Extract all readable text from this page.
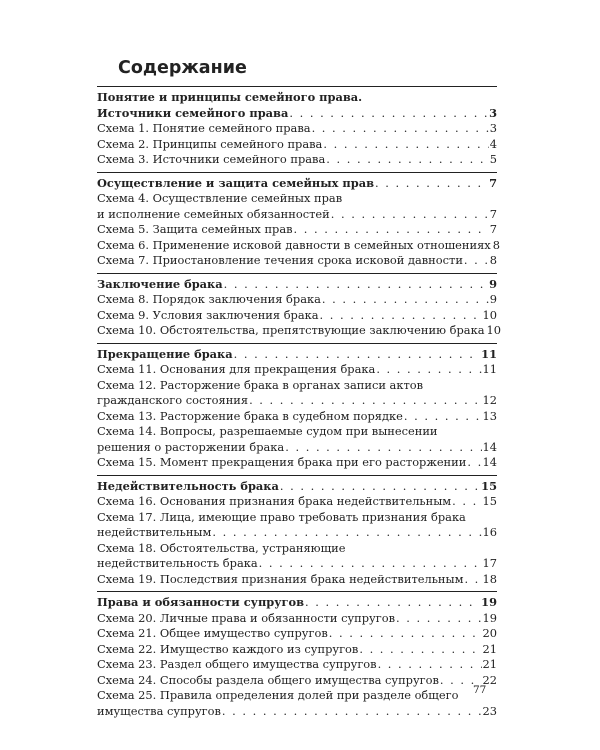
Содержание
Понятие и принципы семейного права.
Источники семейного права . . .	3
Схема 1. Понятие семейного права . . .	3
Схема 2. Принципы семейного права . . .	4
Схема 3. Источники семейного права . . .	5
Осуществление и защита семейных прав . . .	7
Схема 4. Осуществление семейных прав
и исполнение семейных обязанностей . . .	7
Схема 5. Защита семейных прав . . .	7
Схема 6. Применение исковой давности в семейных отношениях 8
Схема 7. Приостановление течения срока исковой давности . . . 8
Заключение брака . . .	9
Схема 8. Порядок заключения брака . . .	9
Схема 9. Условия заключения брака . . .	10
Схема 10. Обстоятельства, препятствующие заключению брака 10
Прекращение брака . . .	11
Схема 11. Основания для прекращения брака . . .	11
Схема 12. Расторжение брака в органах записи актов
гражданского состояния . . .	12
Схема 13. Расторжение брака в судебном порядке . . .	13
Схема 14. Вопросы, разрешаемые судом при вынесении
решения о расторжении брака . . .	14
Схема 15. Момент прекращения брака при его расторжении . . . 14
Недействительность брака . . .	15
Схема 16. Основания признания брака недействительным . . .	15
Схема 17. Лица, имеющие право требовать признания брака
недействительным . . .	16
Схема 18. Обстоятельства, устраняющие
недействительность брака . . .	17
Схема 19. Последствия признания брака недействительным . . . 18
Права и обязанности супругов . . .	19
Схема 20. Личные права и обязанности супругов . . .	19
Схема 21. Общее имущество супругов . . .	20
Схема 22. Имущество каждого из супругов . . .	21
Схема 23. Раздел общего имущества супругов . . .	21
Схема 24. Способы раздела общего имущества супругов . . .	22
Схема 25. Правила определения долей при разделе общего
имущества супругов . . .	23
77
